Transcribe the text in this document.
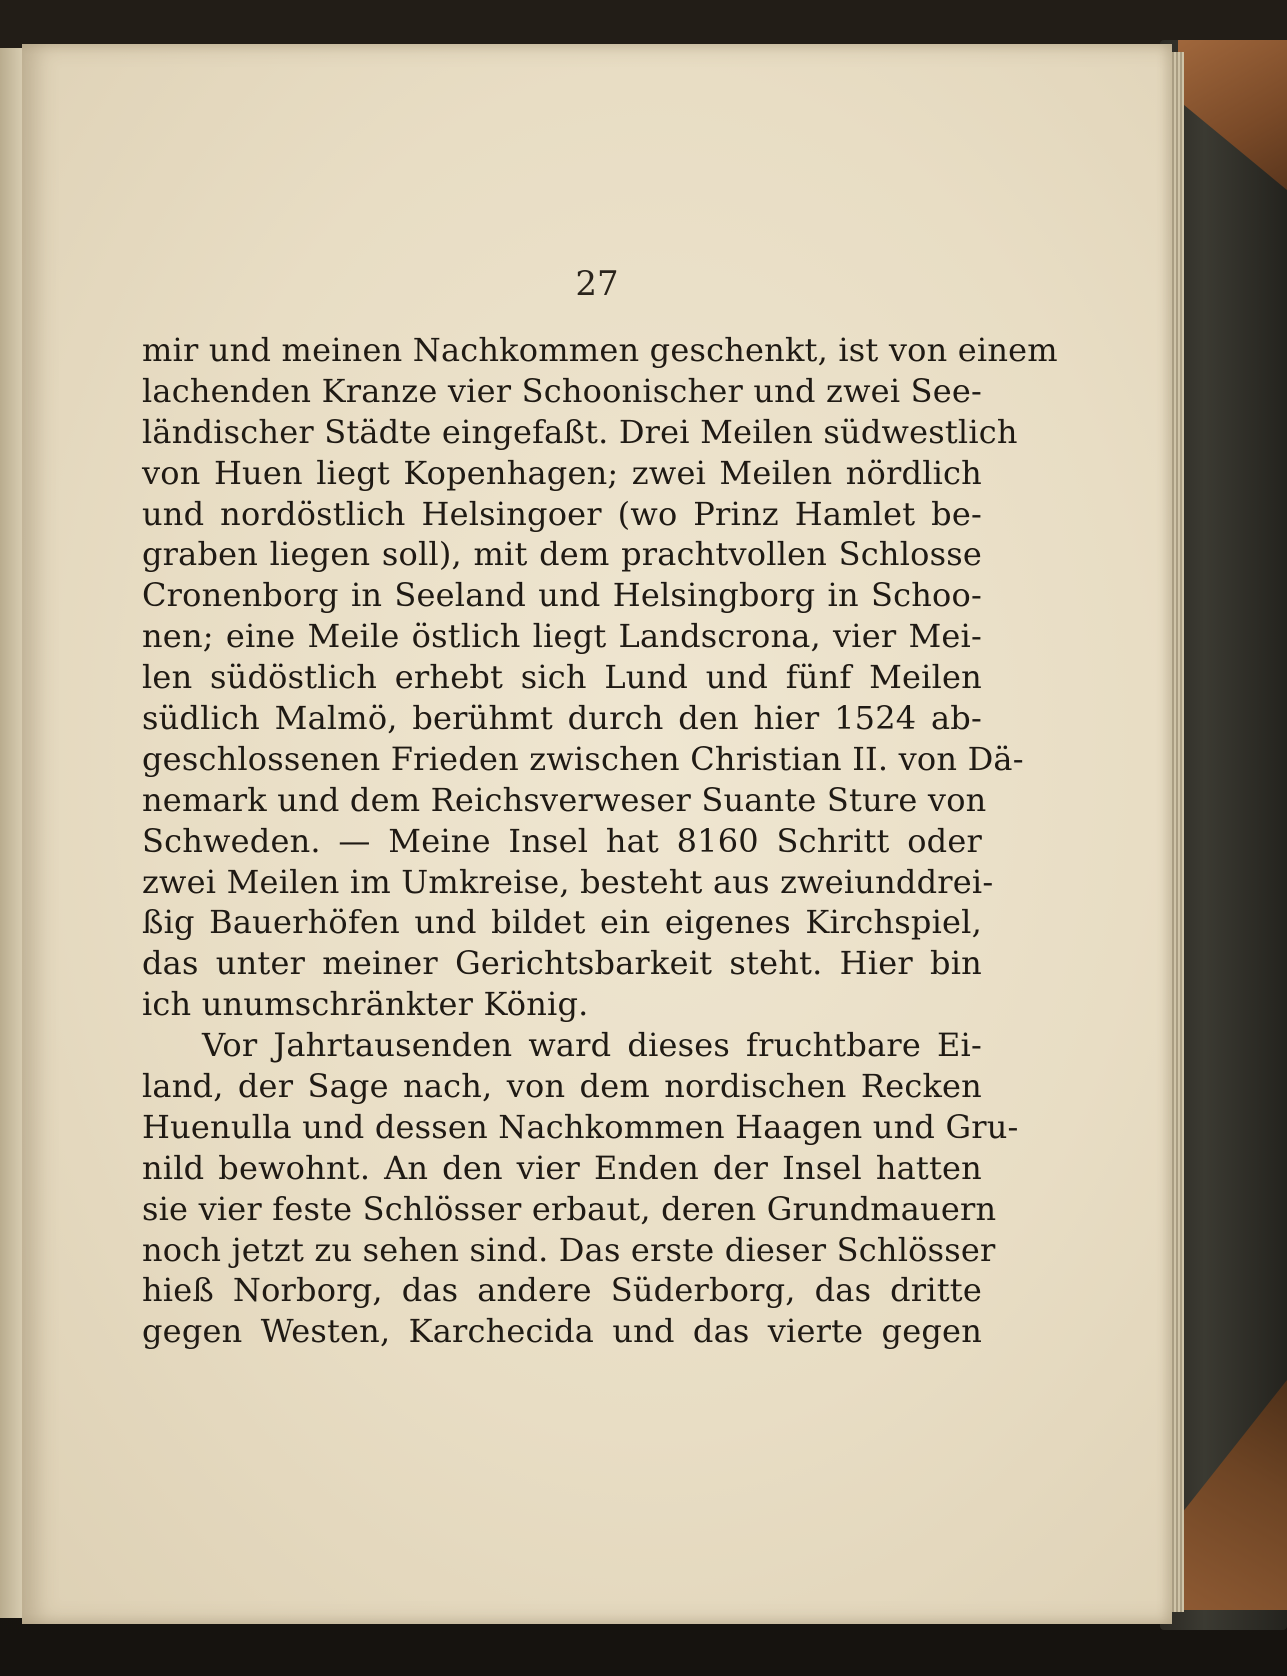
27
mir und meinen Nachkommen geschenkt, ist von einem
lachenden Kranze vier Schoonischer und zwei See-
ländischer Städte eingefaßt. Drei Meilen südwestlich
von Huen liegt Kopenhagen; zwei Meilen nördlich
und nordöstlich Helsingoer (wo Prinz Hamlet be-
graben liegen soll), mit dem prachtvollen Schlosse
Cronenborg in Seeland und Helsingborg in Schoo-
nen; eine Meile östlich liegt Landscrona, vier Mei-
len südöstlich erhebt sich Lund und fünf Meilen
südlich Malmö, berühmt durch den hier 1524 ab-
geschlossenen Frieden zwischen Christian II. von Dä-
nemark und dem Reichsverweser Suante Sture von
Schweden. — Meine Insel hat 8160 Schritt oder
zwei Meilen im Umkreise, besteht aus zweiunddrei-
ßig Bauerhöfen und bildet ein eigenes Kirchspiel,
das unter meiner Gerichtsbarkeit steht. Hier bin
ich unumschränkter König.
Vor Jahrtausenden ward dieses fruchtbare Ei-
land, der Sage nach, von dem nordischen Recken
Huenulla und dessen Nachkommen Haagen und Gru-
nild bewohnt. An den vier Enden der Insel hatten
sie vier feste Schlösser erbaut, deren Grundmauern
noch jetzt zu sehen sind. Das erste dieser Schlösser
hieß Norborg, das andere Süderborg, das dritte
gegen Westen, Karchecida und das vierte gegen
